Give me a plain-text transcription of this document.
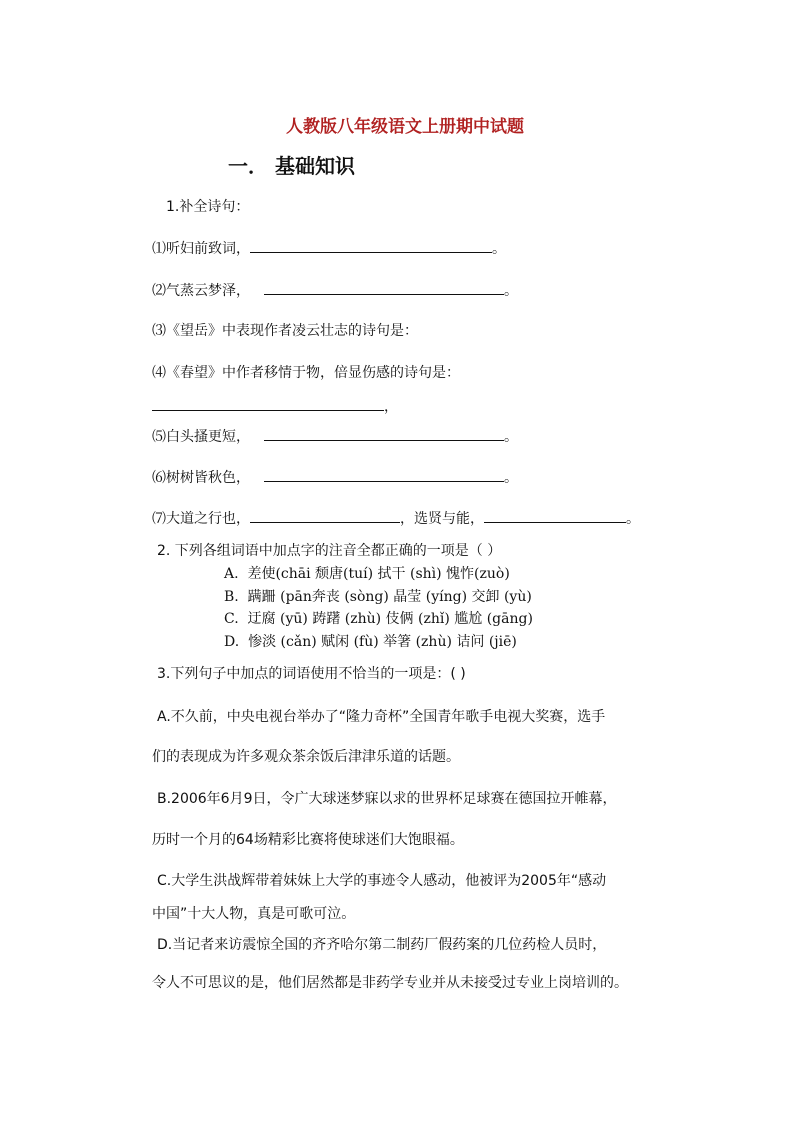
人教版八年级语文上册期中试题
一． 基础知识
1.补全诗句：
⑴听妇前致词，	。
⑵气蒸云梦泽，	。
⑶《望岳》中表现作者凌云壮志的诗句是：
⑷《春望》中作者移情于物，倍显伤感的诗句是：
，
⑸白头搔更短，	。
⑹树树皆秋色，	。
⑺大道之行也，	，选贤与能，	。
2. 下列各组词语中加点字的注音全都正确的一项是（ ）
A. 差使(chāi 颓唐(tuí) 拭干 (shì) 愧怍(zuò)
B. 蹒跚 (pān奔丧 (sòng) 晶莹 (yíng) 交卸 (yù)
C. 迂腐 (yū) 踌躇 (zhù) 伎俩 (zhǐ) 尴尬 (gāng)
D. 惨淡 (cǎn) 赋闲 (fù) 举箸 (zhù) 诘问 (jiē)
3.下列句子中加点的词语使用不恰当的一项是：( )
A.不久前，中央电视台举办了“隆力奇杯”全国青年歌手电视大奖赛，选手
们的表现成为许多观众茶余饭后津津乐道的话题。
B.2006年6月9日，令广大球迷梦寐以求的世界杯足球赛在德国拉开帷幕，
历时一个月的64场精彩比赛将使球迷们大饱眼福。
C.大学生洪战辉带着妹妹上大学的事迹令人感动，他被评为2005年“感动
中国”十大人物，真是可歌可泣。
D.当记者来访震惊全国的齐齐哈尔第二制药厂假药案的几位药检人员时，
令人不可思议的是，他们居然都是非药学专业并从未接受过专业上岗培训的。
